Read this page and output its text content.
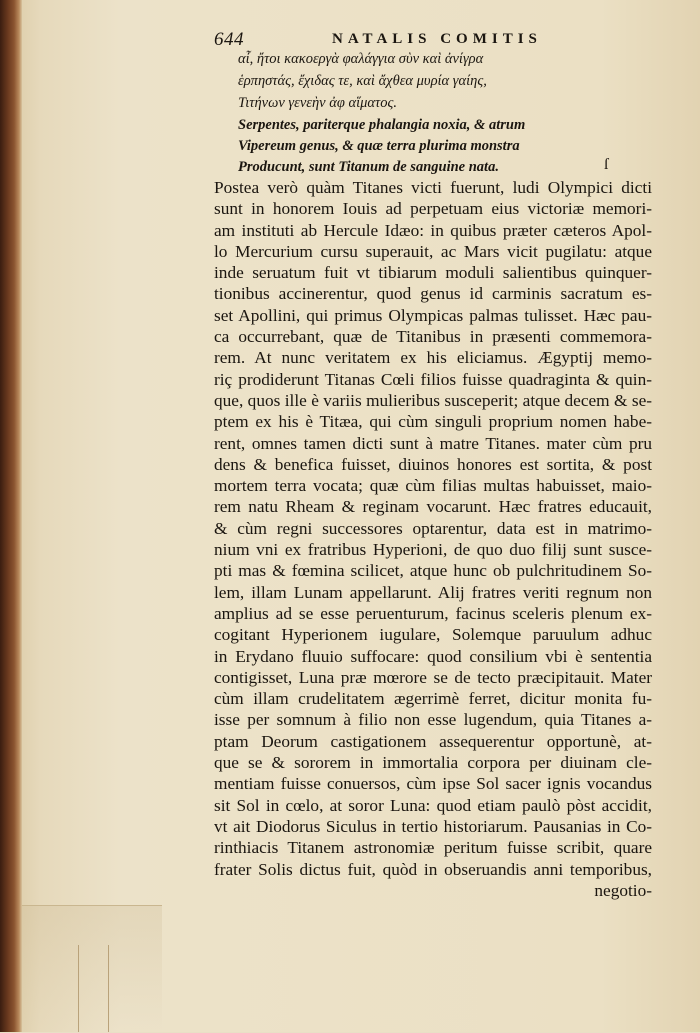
644	NATALIS COMITIS
αἶ, ἤτοι κακοεργὰ φαλάγγια σὺν καὶ ἀνίγρα
ἑρπηστάς, ἔχιδας τε, καὶ ἄχθεα μυρία γαίης,
Τιτήνων γενεὴν ἀφ αἵματος.
Serpentes, pariterque phalangia noxia, & atrum
Vipereum genus, & quæ terra plurima monstra
Producunt, sunt Titanum de sanguine nata.	ſ
Postea verò quàm Titanes victi fuerunt, ludi Olympici dicti
sunt in honorem Iouis ad perpetuam eius victoriæ memori-
am instituti ab Hercule Idæo: in quibus præter cæteros Apol-
lo Mercurium cursu superauit, ac Mars vicit pugilatu: atque
inde seruatum fuit vt tibiarum moduli salientibus quinquer-
tionibus accinerentur, quod genus id carminis sacratum es-
set Apollini, qui primus Olympicas palmas tulisset. Hæc pau-
ca occurrebant, quæ de Titanibus in præsenti commemora-
rem. At nunc veritatem ex his eliciamus. Ægyptij memo-
riç prodiderunt Titanas Cœli filios fuisse quadraginta & quin-
que, quos ille è variis mulieribus susceperit; atque decem & se-
ptem ex his è Titæa, qui cùm singuli proprium nomen habe-
rent, omnes tamen dicti sunt à matre Titanes. mater cùm pru
dens & benefica fuisset, diuinos honores est sortita, & post
mortem terra vocata; quæ cùm filias multas habuisset, maio-
rem natu Rheam & reginam vocarunt. Hæc fratres educauit,
& cùm regni successores optarentur, data est in matrimo-
nium vni ex fratribus Hyperioni, de quo duo filij sunt susce-
pti mas & fœmina scilicet, atque hunc ob pulchritudinem So-
lem, illam Lunam appellarunt. Alij fratres veriti regnum non
amplius ad se esse peruenturum, facinus sceleris plenum ex-
cogitant Hyperionem iugulare, Solemque paruulum adhuc
in Erydano fluuio suffocare: quod consilium vbi è sententia
contigisset, Luna præ mœrore se de tecto præcipitauit. Mater
cùm illam crudelitatem ægerrimè ferret, dicitur monita fu-
isse per somnum à filio non esse lugendum, quia Titanes a-
ptam Deorum castigationem assequerentur opportunè, at-
que se & sororem in immortalia corpora per diuinam cle-
mentiam fuisse conuersos, cùm ipse Sol sacer ignis vocandus
sit Sol in cœlo, at soror Luna: quod etiam paulò pòst accidit,
vt ait Diodorus Siculus in tertio historiarum. Pausanias in Co-
rinthiacis Titanem astronomiæ peritum fuisse scribit, quare
frater Solis dictus fuit, quòd in obseruandis anni temporibus,
negotio-
